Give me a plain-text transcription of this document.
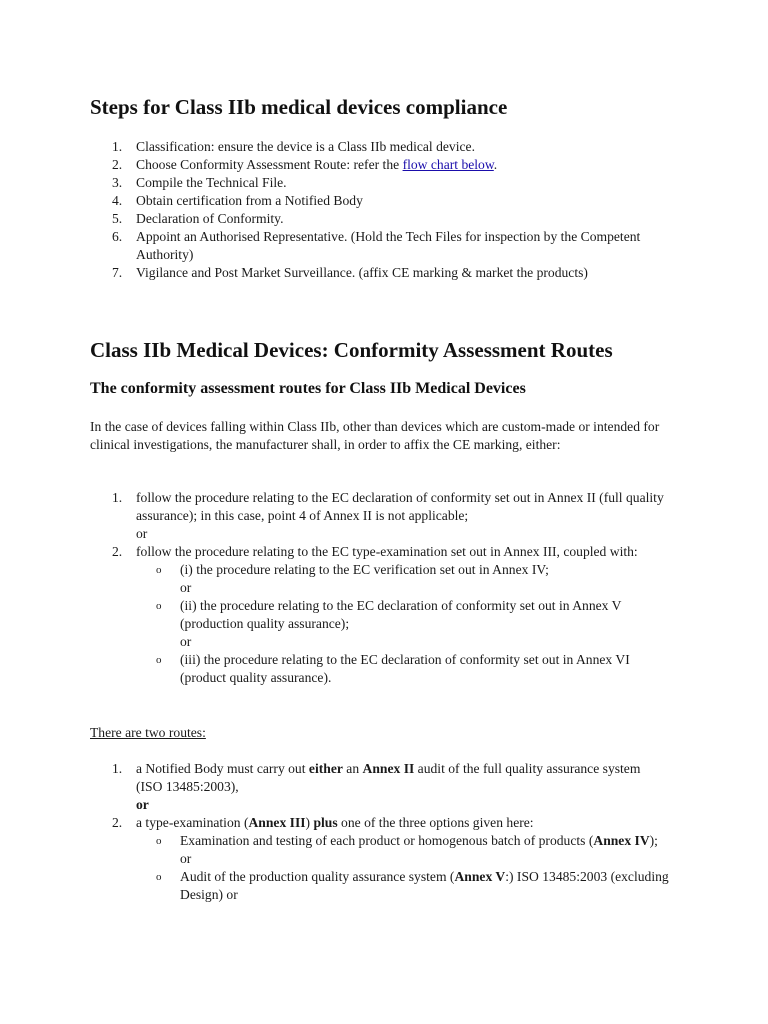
Steps for Class IIb medical devices compliance
1. Classification: ensure the device is a Class IIb medical device.
2. Choose Conformity Assessment Route: refer the flow chart below.
3. Compile the Technical File.
4. Obtain certification from a Notified Body
5. Declaration of Conformity.
6. Appoint an Authorised Representative. (Hold the Tech Files for inspection by the Competent Authority)
7. Vigilance and Post Market Surveillance. (affix CE marking & market the products)
Class IIb Medical Devices: Conformity Assessment Routes
The conformity assessment routes for Class IIb Medical Devices

In the case of devices falling within Class IIb, other than devices which are custom-made or intended for clinical investigations, the manufacturer shall, in order to affix the CE marking, either:

1. follow the procedure relating to the EC declaration of conformity set out in Annex II (full quality assurance); in this case, point 4 of Annex II is not applicable;
or
2. follow the procedure relating to the EC type-examination set out in Annex III, coupled with:
o (i) the procedure relating to the EC verification set out in Annex IV;
or
o (ii) the procedure relating to the EC declaration of conformity set out in Annex V (production quality assurance);
or
o (iii) the procedure relating to the EC declaration of conformity set out in Annex VI (product quality assurance).

There are two routes:

1. a Notified Body must carry out either an Annex II audit of the full quality assurance system (ISO 13485:2003),
or
2. a type-examination (Annex III) plus one of the three options given here:
o Examination and testing of each product or homogenous batch of products (Annex IV); or
o Audit of the production quality assurance system (Annex V:) ISO 13485:2003 (excluding Design) or
